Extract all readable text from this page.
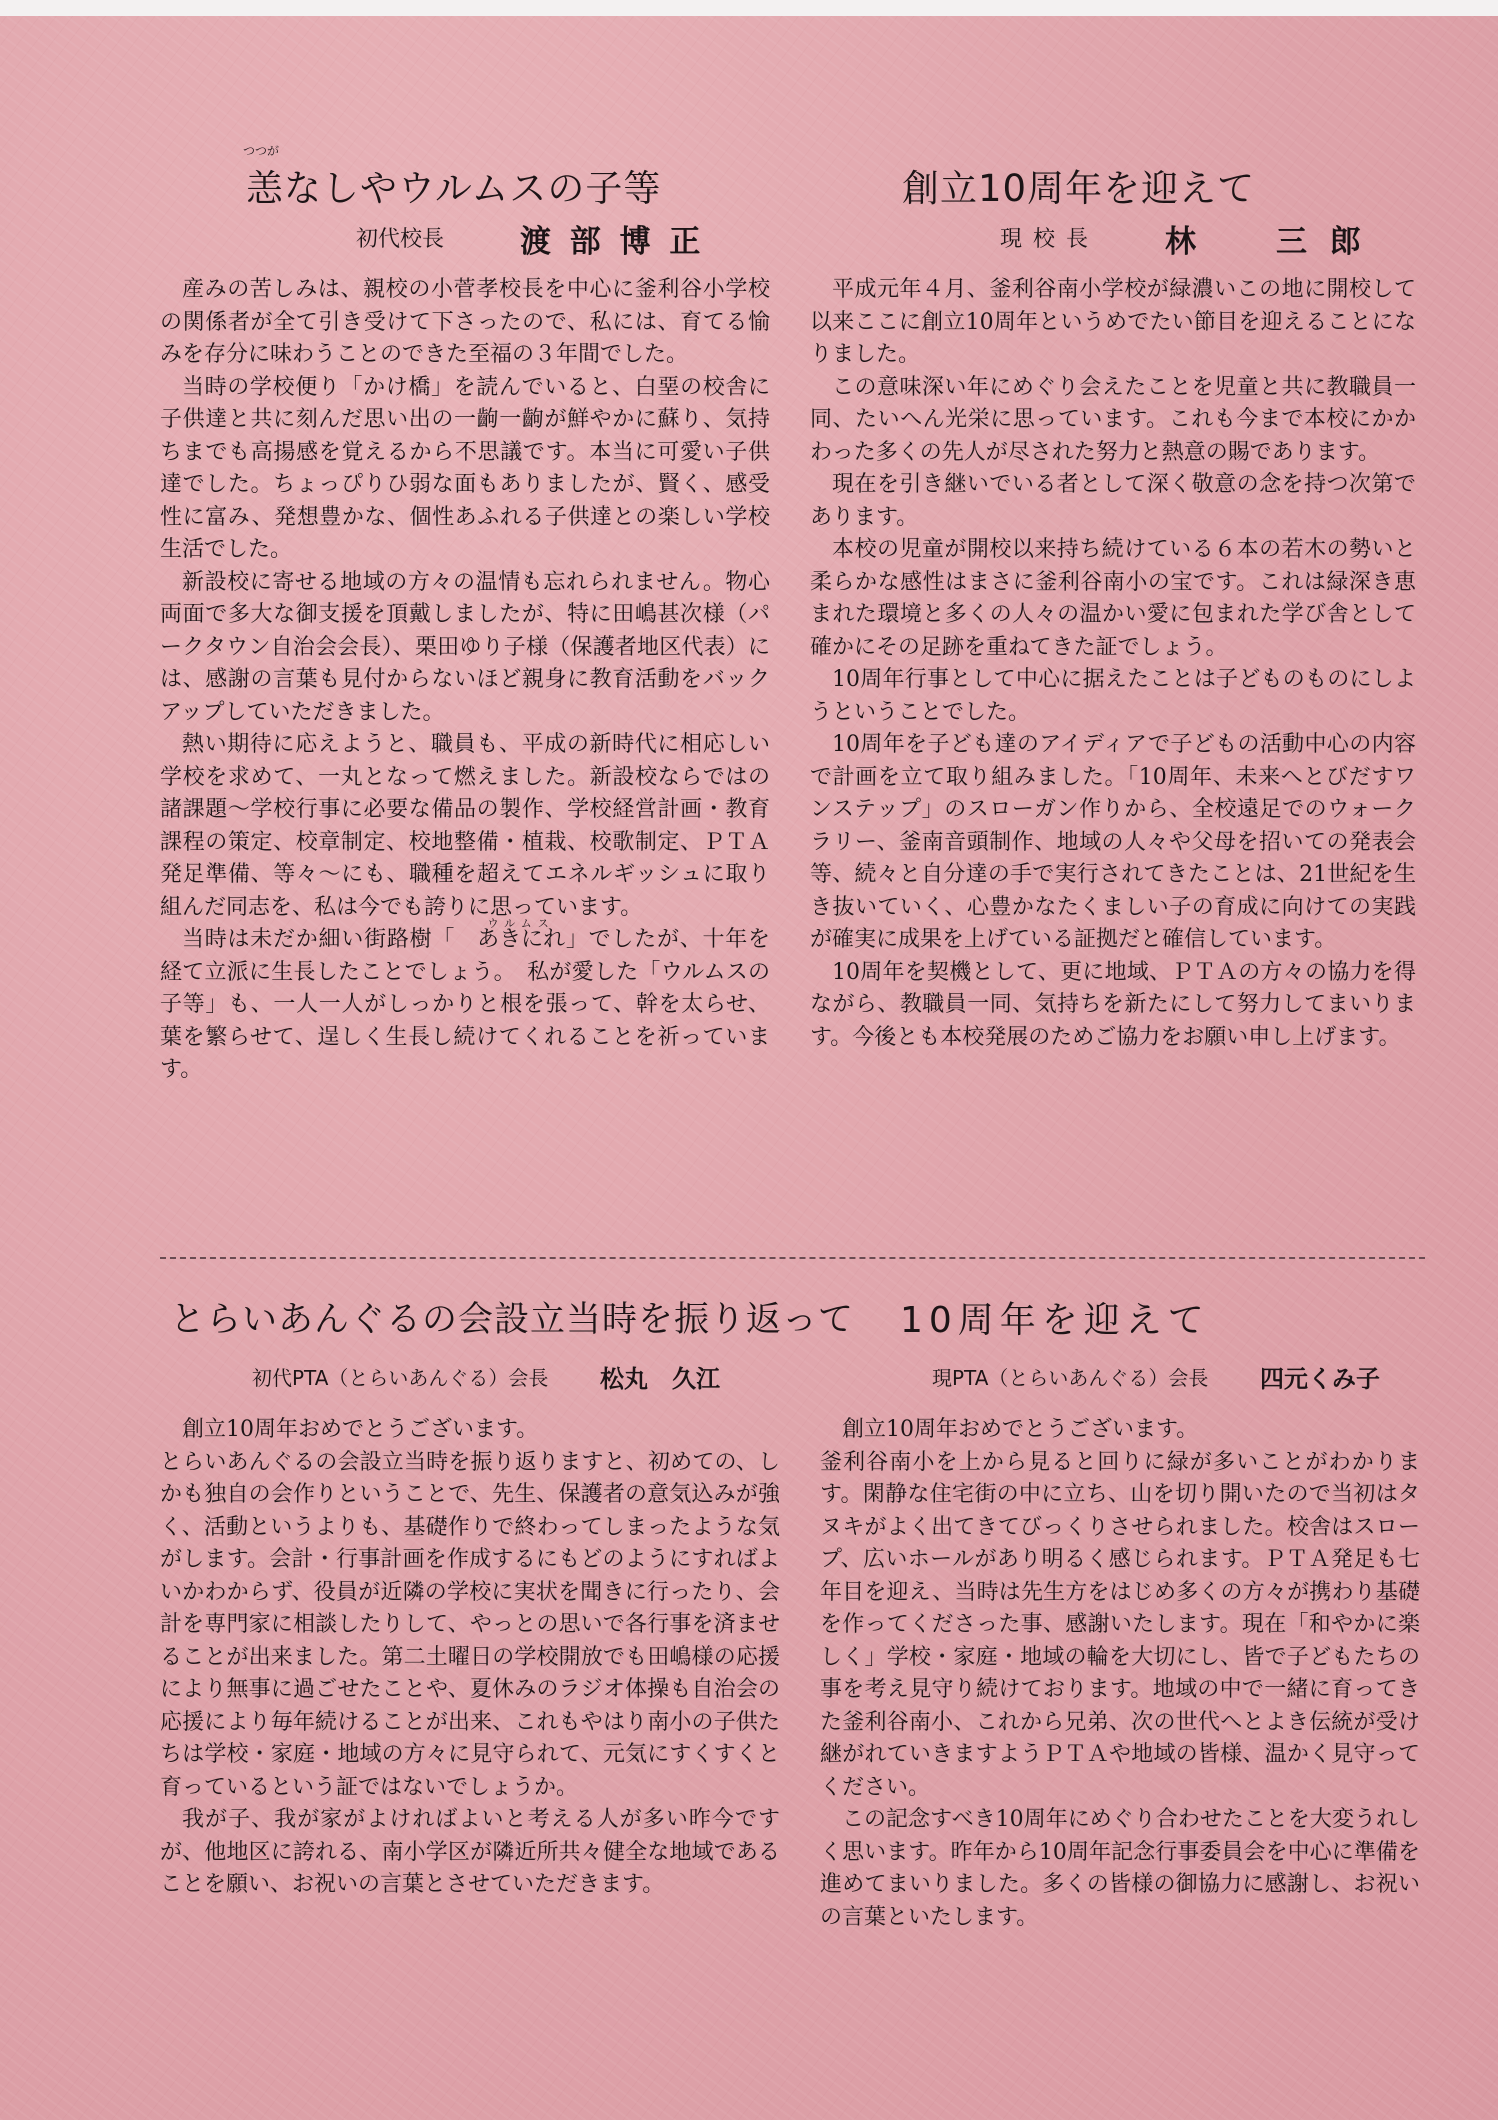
つつが
恙なしやウルムスの子等
初代校長 渡 部 博 正

産みの苦しみは、親校の小菅孝校長を中心に釜利谷小学校の関係者が全て引き受けて下さったので、私には、育てる愉みを存分に味わうことのできた至福の３年間でした。

当時の学校便り「かけ橋」を読んでいると、白堊の校舎に子供達と共に刻んだ思い出の一齣一齣が鮮やかに蘇り、気持ちまでも高揚感を覚えるから不思議です。本当に可愛い子供達でした。ちょっぴりひ弱な面もありましたが、賢く、感受性に富み、発想豊かな、個性あふれる子供達との楽しい学校生活でした。

新設校に寄せる地域の方々の温情も忘れられません。物心両面で多大な御支援を頂戴しましたが、特に田嶋甚次様（パークタウン自治会会長）、栗田ゆり子様（保護者地区代表）には、感謝の言葉も見付からないほど親身に教育活動をバックアップしていただきました。

熱い期待に応えようと、職員も、平成の新時代に相応しい学校を求めて、一丸となって燃えました。新設校ならではの諸課題～学校行事に必要な備品の製作、学校経営計画・教育課程の策定、校章制定、校地整備・植栽、校歌制定、ＰＴＡ発足準備、等々～にも、職種を超えてエネルギッシュに取り組んだ同志を、私は今でも誇りに思っています。

当時は未だか細い街路樹「
ウルムス
あきにれ」でしたが、十年を経て立派に生長したことでしょう。　私が愛した「ウルムスの子等」も、一人一人がしっかりと根を張って、幹を太らせ、葉を繁らせて、逞しく生長し続けてくれることを祈っています。

創立10周年を迎えて
現 校 長 林　　三 郎

平成元年４月、釜利谷南小学校が緑濃いこの地に開校して以来ここに創立10周年というめでたい節目を迎えることになりました。

この意味深い年にめぐり会えたことを児童と共に教職員一同、たいへん光栄に思っています。これも今まで本校にかかわった多くの先人が尽された努力と熱意の賜であります。

現在を引き継いでいる者として深く敬意の念を持つ次第であります。

本校の児童が開校以来持ち続けている６本の若木の勢いと柔らかな感性はまさに釜利谷南小の宝です。これは緑深き恵まれた環境と多くの人々の温かい愛に包まれた学び舎として確かにその足跡を重ねてきた証でしょう。

10周年行事として中心に据えたことは子どものものにしようということでした。

10周年を子ども達のアイディアで子どもの活動中心の内容で計画を立て取り組みました。「10周年、未来へとびだすワンステップ」のスローガン作りから、全校遠足でのウォークラリー、釜南音頭制作、地域の人々や父母を招いての発表会等、続々と自分達の手で実行されてきたことは、21世紀を生き抜いていく、心豊かなたくましい子の育成に向けての実践が確実に成果を上げている証拠だと確信しています。

10周年を契機として、更に地域、ＰＴＡの方々の協力を得ながら、教職員一同、気持ちを新たにして努力してまいります。今後とも本校発展のためご協力をお願い申し上げます。

とらいあんぐるの会設立当時を振り返って
初代PTA（とらいあんぐる）会長 松丸　久江

創立10周年おめでとうございます。

とらいあんぐるの会設立当時を振り返りますと、初めての、しかも独自の会作りということで、先生、保護者の意気込みが強く、活動というよりも、基礎作りで終わってしまったような気がします。会計・行事計画を作成するにもどのようにすればよいかわからず、役員が近隣の学校に実状を聞きに行ったり、会計を専門家に相談したりして、やっとの思いで各行事を済ませることが出来ました。第二土曜日の学校開放でも田嶋様の応援により無事に過ごせたことや、夏休みのラジオ体操も自治会の応援により毎年続けることが出来、これもやはり南小の子供たちは学校・家庭・地域の方々に見守られて、元気にすくすくと育っているという証ではないでしょうか。

我が子、我が家がよければよいと考える人が多い昨今ですが、他地区に誇れる、南小学区が隣近所共々健全な地域であることを願い、お祝いの言葉とさせていただきます。

10周年を迎えて
現PTA（とらいあんぐる）会長 四元くみ子

創立10周年おめでとうございます。

釜利谷南小を上から見ると回りに緑が多いことがわかります。閑静な住宅街の中に立ち、山を切り開いたので当初はタヌキがよく出てきてびっくりさせられました。校舎はスロープ、広いホールがあり明るく感じられます。ＰＴＡ発足も七年目を迎え、当時は先生方をはじめ多くの方々が携わり基礎を作ってくださった事、感謝いたします。現在「和やかに楽しく」学校・家庭・地域の輪を大切にし、皆で子どもたちの事を考え見守り続けております。地域の中で一緒に育ってきた釜利谷南小、これから兄弟、次の世代へとよき伝統が受け継がれていきますようＰＴＡや地域の皆様、温かく見守ってください。

この記念すべき10周年にめぐり合わせたことを大変うれしく思います。昨年から10周年記念行事委員会を中心に準備を進めてまいりました。多くの皆様の御協力に感謝し、お祝いの言葉といたします。
